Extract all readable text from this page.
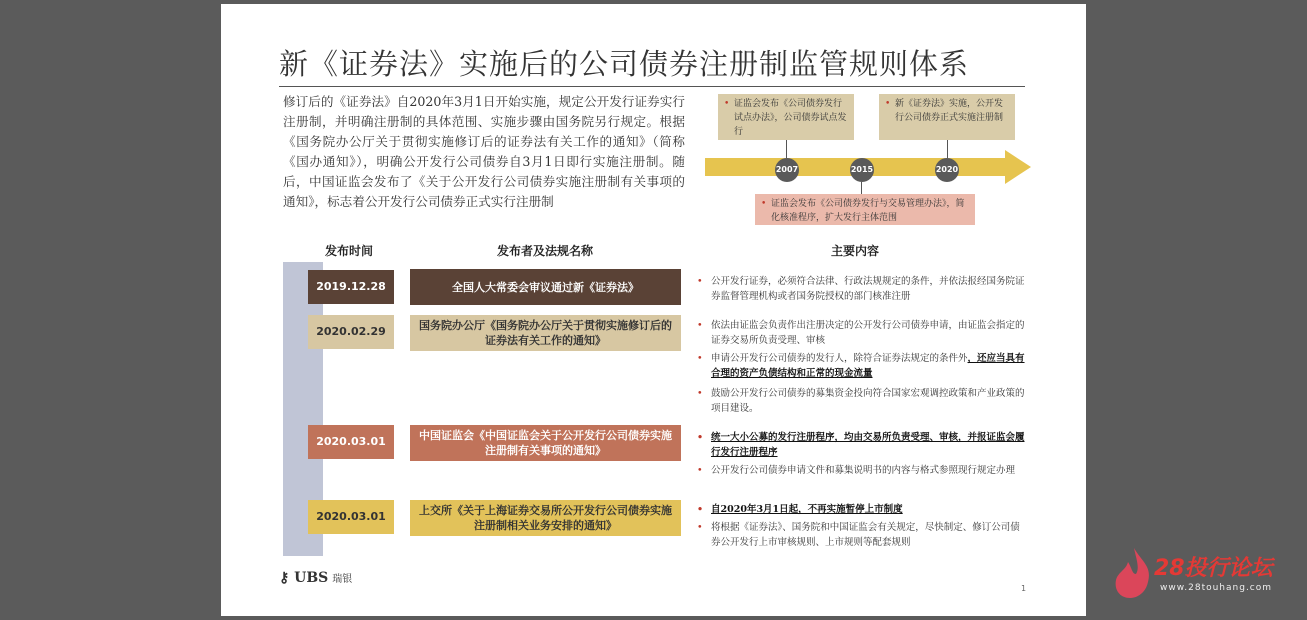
新《证券法》实施后的公司债券注册制监管规则体系
修订后的《证券法》自2020年3月1日开始实施，规定公开发行证券实行注册制，并明确注册制的具体范围、实施步骤由国务院另行规定。根据《国务院办公厅关于贯彻实施修订后的证券法有关工作的通知》（简称《国办通知》），明确公开发行公司债券自3月1日即行实施注册制。随后，中国证监会发布了《关于公开发行公司债券实施注册制有关事项的通知》，标志着公开发行公司债券正式实行注册制
2007	2015	2020
• 证监会发布《公司债券发行试点办法》，公司债券试点发行
• 新《证券法》实施，公开发行公司债券正式实施注册制
• 证监会发布《公司债券发行与交易管理办法》，简化核准程序，扩大发行主体范围
发布时间	发布者及法规名称	主要内容
2019.12.28	全国人大常委会审议通过新《证券法》	• 公开发行证券，必须符合法律、行政法规规定的条件，并依法报经国务院证券监督管理机构或者国务院授权的部门核准注册
2020.02.29	国务院办公厅《国务院办公厅关于贯彻实施修订后的证券法有关工作的通知》
• 依法由证监会负责作出注册决定的公开发行公司债券申请，由证监会指定的证券交易所负责受理、审核
• 申请公开发行公司债券的发行人，除符合证券法规定的条件外，还应当具有合理的资产负债结构和正常的现金流量
• 鼓励公开发行公司债券的募集资金投向符合国家宏观调控政策和产业政策的项目建设。
2020.03.01	中国证监会《中国证监会关于公开发行公司债券实施注册制有关事项的通知》
• 统一大小公募的发行注册程序，均由交易所负责受理、审核，并报证监会履行发行注册程序
• 公开发行公司债券申请文件和募集说明书的内容与格式参照现行规定办理
2020.03.01	上交所《关于上海证券交易所公开发行公司债券实施注册制相关业务安排的通知》
• 自2020年3月1日起，不再实施暂停上市制度
• 将根据《证券法》、国务院和中国证监会有关规定，尽快制定、修订公司债券公开发行上市审核规则、上市规则等配套规则
⚷ UBS 瑞银
1
28投行论坛
www.28touhang.com
